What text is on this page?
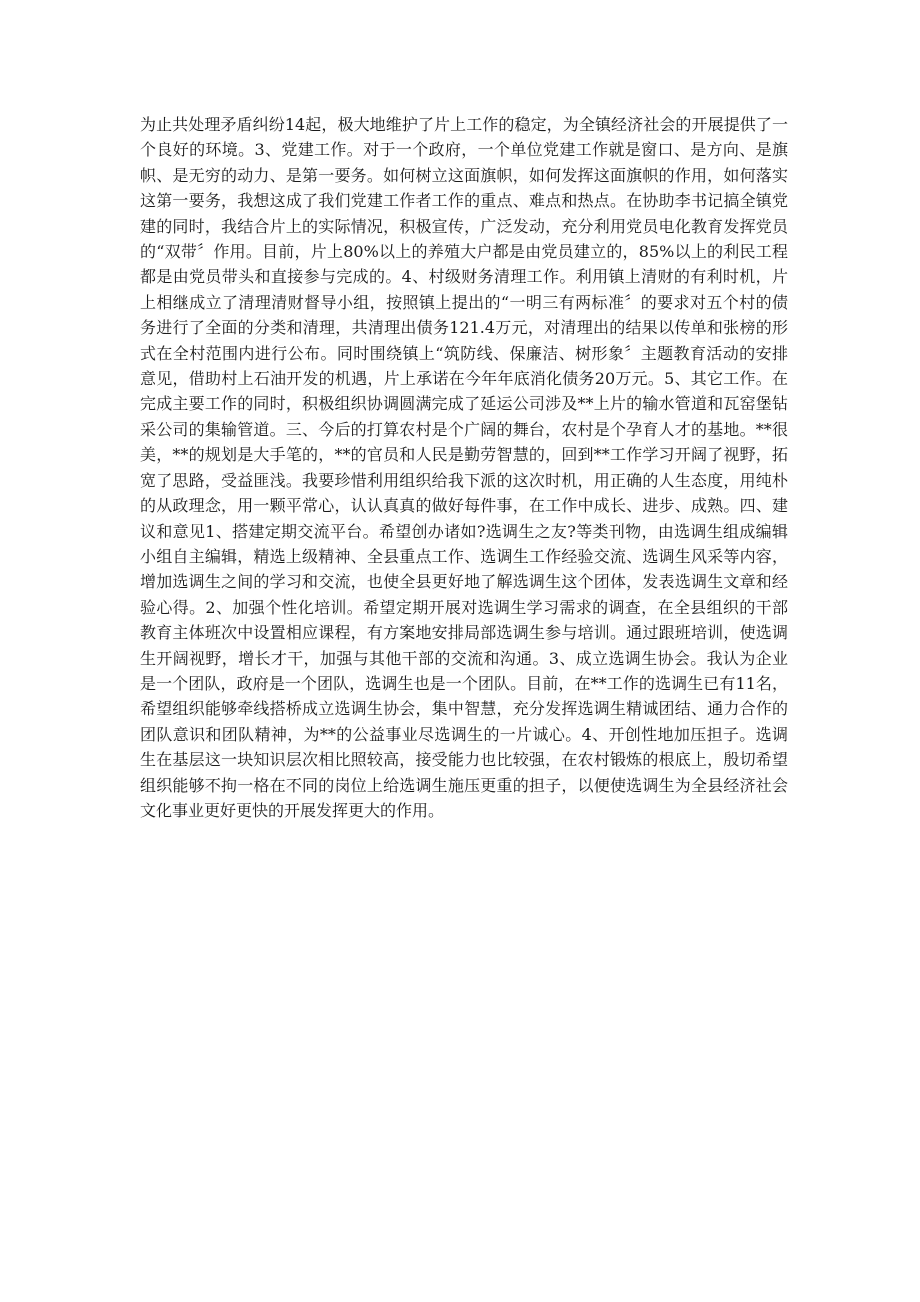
为止共处理矛盾纠纷14起，极大地维护了片上工作的稳定，为全镇经济社会的开展提供了一个良好的环境。3、党建工作。对于一个政府，一个单位党建工作就是窗口、是方向、是旗帜、是无穷的动力、是第一要务。如何树立这面旗帜，如何发挥这面旗帜的作用，如何落实这第一要务，我想这成了我们党建工作者工作的重点、难点和热点。在协助李书记搞全镇党建的同时，我结合片上的实际情况，积极宣传，广泛发动，充分利用党员电化教育发挥党员的“双带〞作用。目前，片上80%以上的养殖大户都是由党员建立的，85%以上的利民工程都是由党员带头和直接参与完成的。4、村级财务清理工作。利用镇上清财的有利时机，片上相继成立了清理清财督导小组，按照镇上提出的“一明三有两标准〞的要求对五个村的债务进行了全面的分类和清理，共清理出债务121.4万元，对清理出的结果以传单和张榜的形式在全村范围内进行公布。同时围绕镇上“筑防线、保廉洁、树形象〞主题教育活动的安排意见，借助村上石油开发的机遇，片上承诺在今年年底消化债务20万元。5、其它工作。在完成主要工作的同时，积极组织协调圆满完成了延运公司涉及**上片的输水管道和瓦窑堡钻采公司的集输管道。三、今后的打算农村是个广阔的舞台，农村是个孕育人才的基地。**很美，**的规划是大手笔的，**的官员和人民是勤劳智慧的，回到**工作学习开阔了视野，拓宽了思路，受益匪浅。我要珍惜利用组织给我下派的这次时机，用正确的人生态度，用纯朴的从政理念，用一颗平常心，认认真真的做好每件事，在工作中成长、进步、成熟。四、建议和意见1、搭建定期交流平台。希望创办诸如?选调生之友?等类刊物，由选调生组成编辑小组自主编辑，精选上级精神、全县重点工作、选调生工作经验交流、选调生风采等内容，增加选调生之间的学习和交流，也使全县更好地了解选调生这个团体，发表选调生文章和经验心得。2、加强个性化培训。希望定期开展对选调生学习需求的调查，在全县组织的干部教育主体班次中设置相应课程，有方案地安排局部选调生参与培训。通过跟班培训，使选调生开阔视野，增长才干，加强与其他干部的交流和沟通。3、成立选调生协会。我认为企业是一个团队，政府是一个团队，选调生也是一个团队。目前，在**工作的选调生已有11名，希望组织能够牵线搭桥成立选调生协会，集中智慧，充分发挥选调生精诚团结、通力合作的团队意识和团队精神，为**的公益事业尽选调生的一片诚心。4、开创性地加压担子。选调生在基层这一块知识层次相比照较高，接受能力也比较强，在农村锻炼的根底上，殷切希望组织能够不拘一格在不同的岗位上给选调生施压更重的担子，以便使选调生为全县经济社会文化事业更好更快的开展发挥更大的作用。
